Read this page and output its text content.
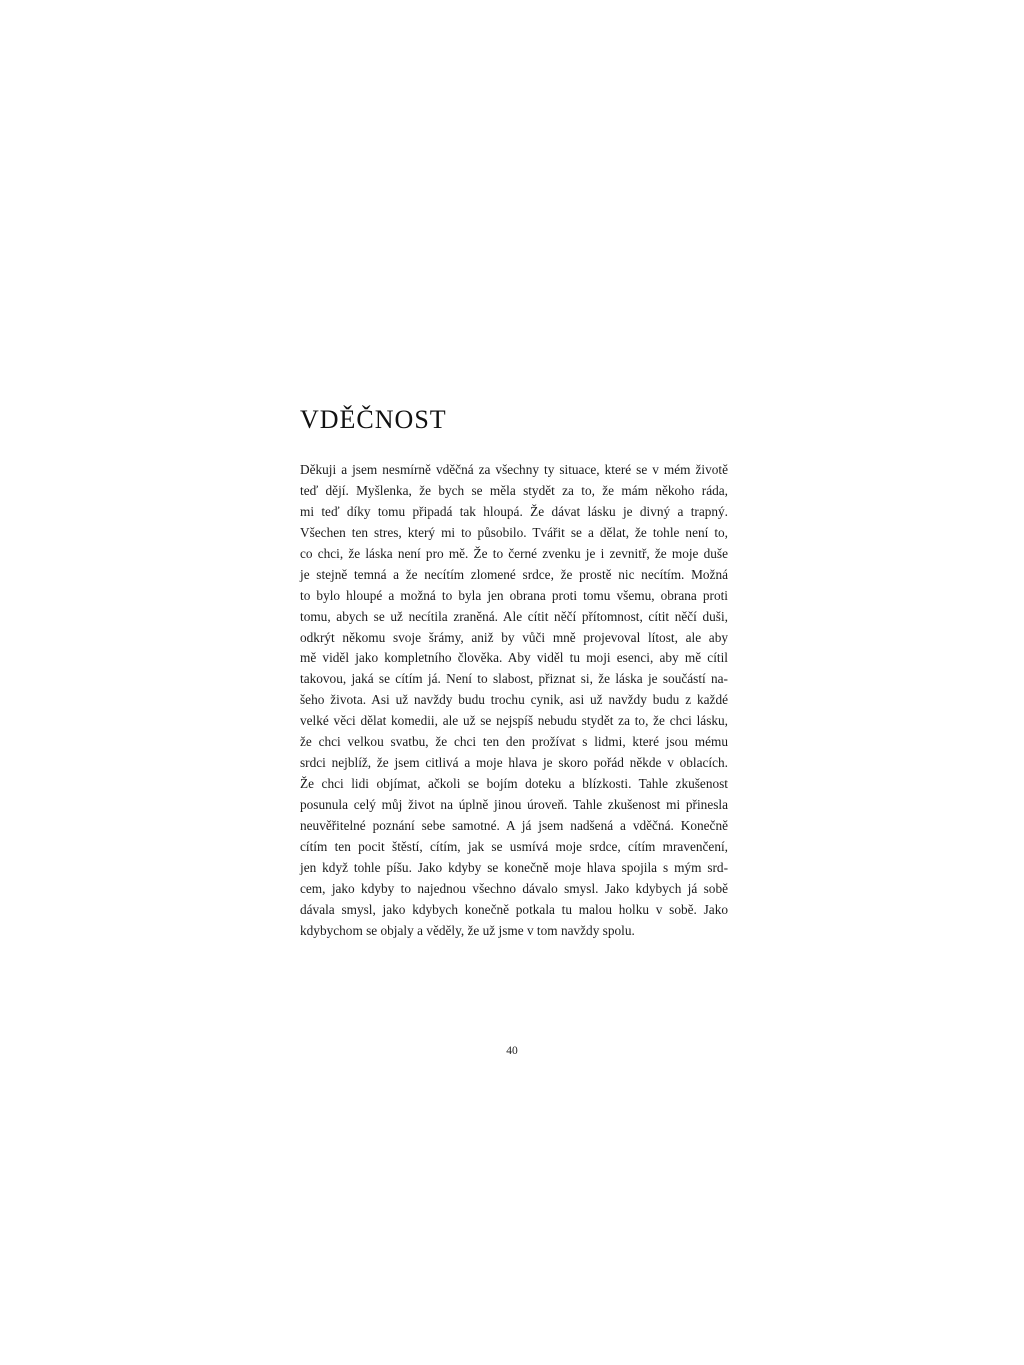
VDĚČNOST
Děkuji a jsem nesmírně vděčná za všechny ty situace, které se v mém životě
teď dějí. Myšlenka, že bych se měla stydět za to, že mám někoho ráda,
mi teď díky tomu připadá tak hloupá. Že dávat lásku je divný a trapný.
Všechen ten stres, který mi to působilo. Tvářit se a dělat, že tohle není to,
co chci, že láska není pro mě. Že to černé zvenku je i zevnitř, že moje duše
je stejně temná a že necítím zlomené srdce, že prostě nic necítím. Možná
to bylo hloupé a možná to byla jen obrana proti tomu všemu, obrana proti
tomu, abych se už necítila zraněná. Ale cítit něčí přítomnost, cítit něčí duši,
odkrýt někomu svoje šrámy, aniž by vůči mně projevoval lítost, ale aby
mě viděl jako kompletního člověka. Aby viděl tu moji esenci, aby mě cítil
takovou, jaká se cítím já. Není to slabost, přiznat si, že láska je součástí na-
šeho života. Asi už navždy budu trochu cynik, asi už navždy budu z každé
velké věci dělat komedii, ale už se nejspíš nebudu stydět za to, že chci lásku,
že chci velkou svatbu, že chci ten den prožívat s lidmi, které jsou mému
srdci nejblíž, že jsem citlivá a moje hlava je skoro pořád někde v oblacích.
Že chci lidi objímat, ačkoli se bojím doteku a blízkosti. Tahle zkušenost
posunula celý můj život na úplně jinou úroveň. Tahle zkušenost mi přinesla
neuvěřitelné poznání sebe samotné. A já jsem nadšená a vděčná. Konečně
cítím ten pocit štěstí, cítím, jak se usmívá moje srdce, cítím mravenčení,
jen když tohle píšu. Jako kdyby se konečně moje hlava spojila s mým srd-
cem, jako kdyby to najednou všechno dávalo smysl. Jako kdybych já sobě
dávala smysl, jako kdybych konečně potkala tu malou holku v sobě. Jako
kdybychom se objaly a věděly, že už jsme v tom navždy spolu.
40
